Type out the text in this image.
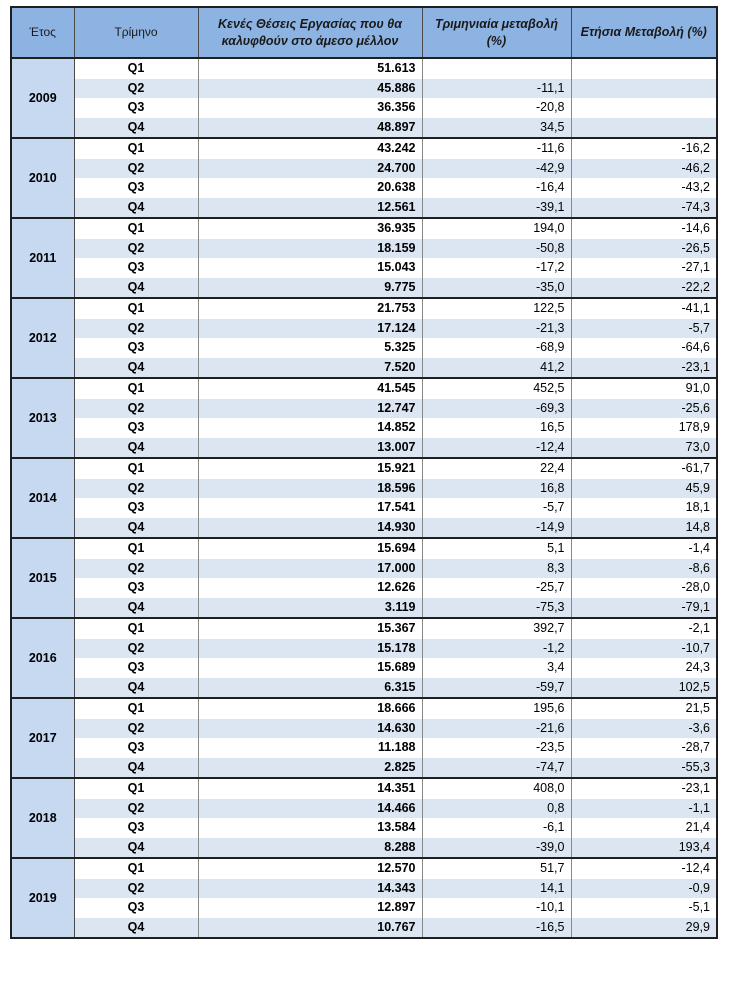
Έτος	Τρίμηνο	Κενές Θέσεις Εργασίας που θα καλυφθούν στο άμεσο μέλλον	Τριμηνιαία μεταβολή (%)	Ετήσια Μεταβολή (%)
2009	Q1	51.613		
	Q2	45.886	-11,1	
	Q3	36.356	-20,8	
	Q4	48.897	34,5	
2010	Q1	43.242	-11,6	-16,2
	Q2	24.700	-42,9	-46,2
	Q3	20.638	-16,4	-43,2
	Q4	12.561	-39,1	-74,3
2011	Q1	36.935	194,0	-14,6
	Q2	18.159	-50,8	-26,5
	Q3	15.043	-17,2	-27,1
	Q4	9.775	-35,0	-22,2
2012	Q1	21.753	122,5	-41,1
	Q2	17.124	-21,3	-5,7
	Q3	5.325	-68,9	-64,6
	Q4	7.520	41,2	-23,1
2013	Q1	41.545	452,5	91,0
	Q2	12.747	-69,3	-25,6
	Q3	14.852	16,5	178,9
	Q4	13.007	-12,4	73,0
2014	Q1	15.921	22,4	-61,7
	Q2	18.596	16,8	45,9
	Q3	17.541	-5,7	18,1
	Q4	14.930	-14,9	14,8
2015	Q1	15.694	5,1	-1,4
	Q2	17.000	8,3	-8,6
	Q3	12.626	-25,7	-28,0
	Q4	3.119	-75,3	-79,1
2016	Q1	15.367	392,7	-2,1
	Q2	15.178	-1,2	-10,7
	Q3	15.689	3,4	24,3
	Q4	6.315	-59,7	102,5
2017	Q1	18.666	195,6	21,5
	Q2	14.630	-21,6	-3,6
	Q3	11.188	-23,5	-28,7
	Q4	2.825	-74,7	-55,3
2018	Q1	14.351	408,0	-23,1
	Q2	14.466	0,8	-1,1
	Q3	13.584	-6,1	21,4
	Q4	8.288	-39,0	193,4
2019	Q1	12.570	51,7	-12,4
	Q2	14.343	14,1	-0,9
	Q3	12.897	-10,1	-5,1
	Q4	10.767	-16,5	29,9
